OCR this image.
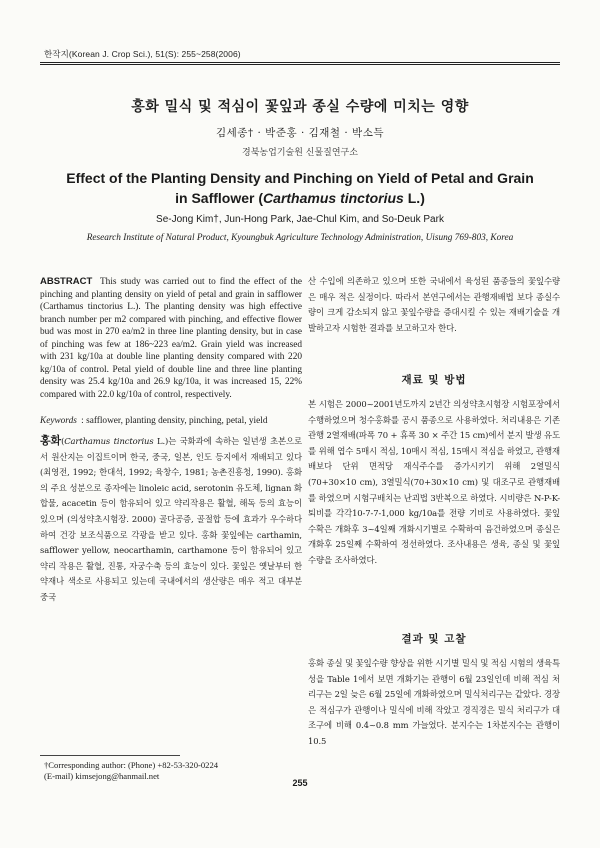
한작지(Korean J. Crop Sci.), 51(S): 255~258(2006)
홍화 밀식 및 적심이 꽃잎과 종실 수량에 미치는 영향
김세종† · 박준홍 · 김재철 · 박소득
경북농업기술원 신물질연구소
Effect of the Planting Density and Pinching on Yield of Petal and Grain
in Safflower (Carthamus tinctorius L.)
Se-Jong Kim†, Jun-Hong Park, Jae-Chul Kim, and So-Deuk Park
Research Institute of Natural Product, Kyoungbuk Agriculture Technology Administration, Uisung 769-803, Korea
ABSTRACT This study was carried out to find the effect of the pinching and planting density on yield of petal and grain in safflower (Carthamus tinctorius L.). The planting density was high effective branch number per m2 compared with pinching, and effective flower bud was most in 270 ea/m2 in three line planting density, but in case of pinching was few at 186~223 ea/m2. Grain yield was increased with 231 kg/10a at double line planting density compared with 220 kg/10a of control. Petal yield of double line and three line planting density was 25.4 kg/10a and 26.9 kg/10a, it was increased 15, 22% compared with 22.0 kg/10a of control, respectively.
Keywords : safflower, planting density, pinching, petal, yield
홍화(Carthamus tinctorius L.)는 국화과에 속하는 일년생 초본으로서 원산지는 이집트이며 한국, 중국, 일본, 인도 등지에서 재배되고 있다(최영전, 1992; 한대석, 1992; 육창수, 1981; 농촌진흥청, 1990). 홍화의 주요 성분으로 종자에는 linoleic acid, serotonin 유도체, lignan 화합물, acacetin 등이 함유되어 있고 약리작용은 활혈, 해독 등의 효능이 있으며 (의성약초시험장. 2000) 골다공증, 골절합 등에 효과가 우수하다 하여 건강 보조식품으로 각광을 받고 있다. 홍화 꽃잎에는 carthamin, safflower yellow, neocarthamin, carthamone 등이 함유되어 있고 약리 작용은 활혈, 진통, 자궁수축 등의 효능이 있다. 꽃잎은 옛날부터 한약재나 색소로 사용되고 있는데 국내에서의 생산량은 매우 적고 대부분 중국
†Corresponding author: (Phone) +82-53-320-0224
(E-mail) kimsejong@hanmail.net
산 수입에 의존하고 있으며 또한 국내에서 육성된 품종들의 꽃잎수량은 매우 적은 실정이다. 따라서 본연구에서는 관행재배법 보다 종실수량이 크게 감소되지 않고 꽃잎수량을 증대시킬 수 있는 재배기술을 개발하고자 시험한 결과를 보고하고자 한다.
재료 및 방법
본 시험은 2000~2001년도까지 2년간 의성약초시험장 시험포장에서 수행하였으며 청수홍화를 공시 품종으로 사용하였다. 처리내용은 기존 관행 2열재배(파폭 70 + 휴폭 30 × 주간 15 cm)에서 분지 발생 유도를 위해 엽수 5매시 적심, 10매시 적심, 15매시 적심을 하였고, 관행재배보다 단위 면적당 재식주수를 증가시키기 위해 2열밀식(70+30×10 cm), 3열밀식(70+30×10 cm) 및 대조구로 관행재배를 하였으며 시험구배치는 난괴법 3반복으로 하였다. 시비량은 N-P-K-퇴비를 각각10-7-7-1,000 kg/10a를 전량 기비로 사용하였다. 꽃잎 수확은 개화후 3~4일째 개화시기별로 수확하여 음건하였으며 종실은 개화후 25일째 수확하여 정선하였다. 조사내용은 생육, 종실 및 꽃잎 수량을 조사하였다.
결과 및 고찰
홍화 종실 및 꽃잎수량 향상을 위한 시기별 밀식 및 적심 시험의 생육특성을 Table 1에서 보면 개화기는 관행이 6월 23일인데 비해 적심 처리구는 2일 늦은 6월 25일에 개화하였으며 밀식처리구는 같았다. 경장은 적심구가 관행이나 밀식에 비해 작았고 경직경은 밀식 처리구가 대조구에 비해 0.4~0.8 mm 가늘었다. 분지수는 1차분지수는 관행이 10.5
255
